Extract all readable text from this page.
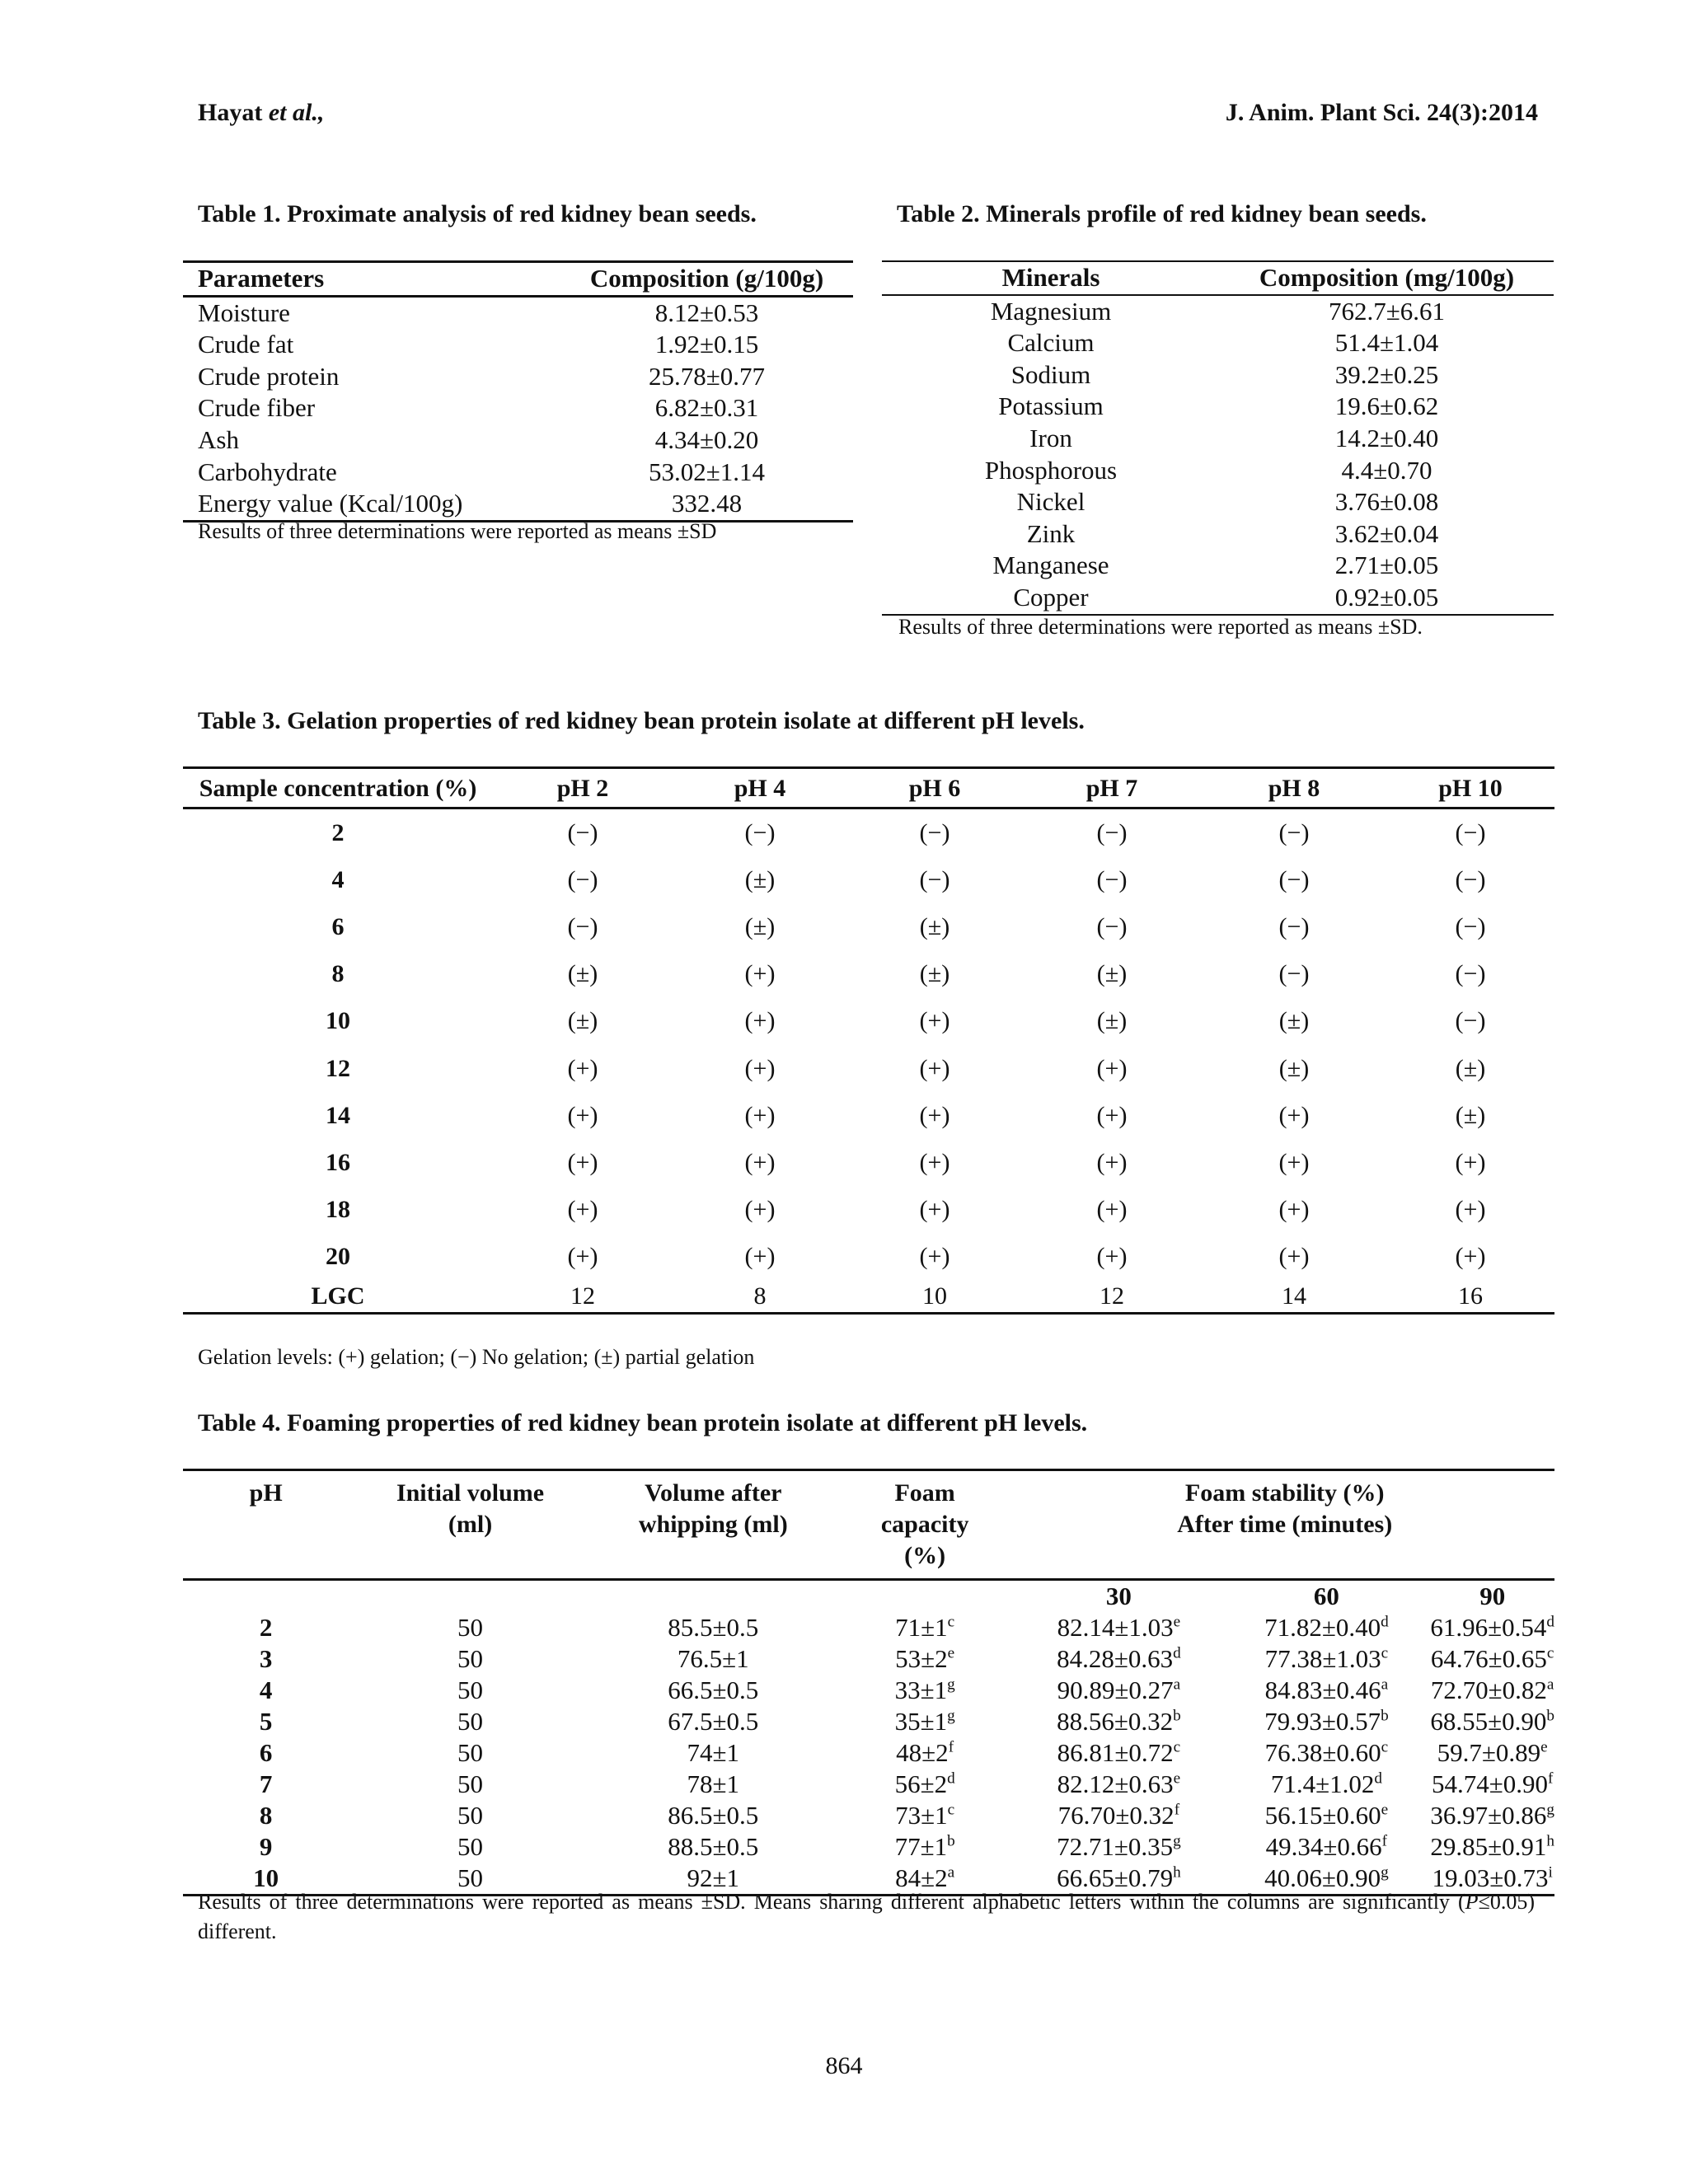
Hayat et al.,	J. Anim. Plant Sci. 24(3):2014
Table 1. Proximate analysis of red kidney bean seeds.
Parameters	Composition (g/100g)
Moisture	8.12±0.53
Crude fat	1.92±0.15
Crude protein	25.78±0.77
Crude fiber	6.82±0.31
Ash	4.34±0.20
Carbohydrate	53.02±1.14
Energy value (Kcal/100g)	332.48
Results of three determinations were reported as means ±SD
Table 2. Minerals profile of red kidney bean seeds.
Minerals	Composition (mg/100g)
Magnesium	762.7±6.61
Calcium	51.4±1.04
Sodium	39.2±0.25
Potassium	19.6±0.62
Iron	14.2±0.40
Phosphorous	4.4±0.70
Nickel	3.76±0.08
Zink	3.62±0.04
Manganese	2.71±0.05
Copper	0.92±0.05
Results of three determinations were reported as means ±SD.
Table 3. Gelation properties of red kidney bean protein isolate at different pH levels.
Sample concentration (%)	pH 2	pH 4	pH 6	pH 7	pH 8	pH 10
2	(−)	(−)	(−)	(−)	(−)	(−)
4	(−)	(±)	(−)	(−)	(−)	(−)
6	(−)	(±)	(±)	(−)	(−)	(−)
8	(±)	(+)	(±)	(±)	(−)	(−)
10	(±)	(+)	(+)	(±)	(±)	(−)
12	(+)	(+)	(+)	(+)	(±)	(±)
14	(+)	(+)	(+)	(+)	(+)	(±)
16	(+)	(+)	(+)	(+)	(+)	(+)
18	(+)	(+)	(+)	(+)	(+)	(+)
20	(+)	(+)	(+)	(+)	(+)	(+)
LGC	12	8	10	12	14	16
Gelation levels: (+) gelation; (−) No gelation; (±) partial gelation
Table 4. Foaming properties of red kidney bean protein isolate at different pH levels.
pH	Initial volume (ml)	Volume after whipping (ml)	Foam capacity (%)	Foam stability (%)
After time (minutes)		

				30	60	90
2	50	85.5±0.5	$71\pm 1^c$	82.14±1.03$^e$	71.82±0.40$^d$	61.96±0.54$^d$
3	50	76.5±1	$53\pm 2^e$	84.28±0.63$^d$	77.38±1.03$^c$	64.76±0.65$^c$
4	50	66.5±0.5	$33\pm 1^g$	90.89±0.27$^a$	84.83±0.46$^a$	72.70±0.82$^a$
5	50	67.5±0.5	$35\pm 1^g$	88.56±0.32$^b$	79.93±0.57$^b$	68.55±0.90$^b$
6	50	74±1	$48\pm 2^f$	86.81±0.72$^c$	76.38±0.60$^c$	59.7±0.89$^e$
7	50	78±1	$56\pm 2^d$	82.12±0.63$^e$	71.4±1.02$^d$	54.74±0.90$^f$
8	50	86.5±0.5	$73\pm 1^c$	76.70±0.32$^f$	56.15±0.60$^e$	36.97±0.86$^g$
9	50	88.5±0.5	$77\pm 1^b$	72.71±0.35$^g$	49.34±0.66$^f$	29.85±0.91$^h$
10	50	92±1	$84\pm 2^a$	66.65±0.79$^h$	40.06±0.90$^g$	$19.03\pm 0.73^i$
Results of three determinations were reported as means ±SD. Means sharing different alphabetic letters within the columns are significantly (P≤0.05) different.
864
